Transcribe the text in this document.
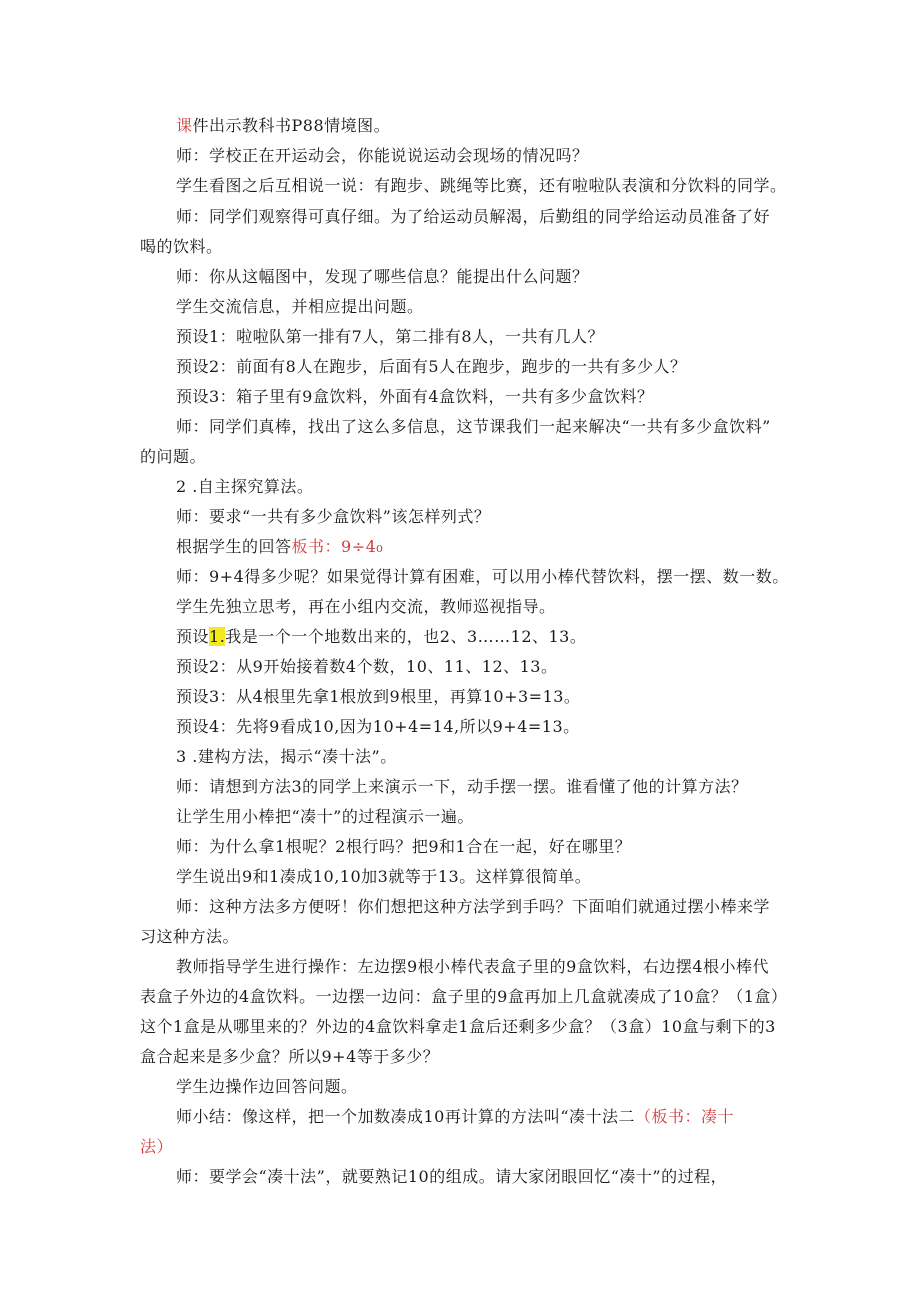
课件出示教科书P88情境图。
师：学校正在开运动会，你能说说运动会现场的情况吗？
学生看图之后互相说一说：有跑步、跳绳等比赛，还有啦啦队表演和分饮料的同学。
师：同学们观察得可真仔细。为了给运动员解渴，后勤组的同学给运动员准备了好
喝的饮料。
师：你从这幅图中，发现了哪些信息？能提出什么问题？
学生交流信息，并相应提出问题。
预设1：啦啦队第一排有7人，第二排有8人，一共有几人？
预设2：前面有8人在跑步，后面有5人在跑步，跑步的一共有多少人？
预设3：箱子里有9盒饮料，外面有4盒饮料，一共有多少盒饮料？
师：同学们真棒，找出了这么多信息，这节课我们一起来解决“一共有多少盒饮料”
的问题。
2 .自主探究算法。
师：要求“一共有多少盒饮料”该怎样列式？
根据学生的回答板书：9÷4₀
师：9+4得多少呢？如果觉得计算有困难，可以用小棒代替饮料，摆一摆、数一数。
学生先独立思考，再在小组内交流，教师巡视指导。
预设1.我是一个一个地数出来的，也2、3……12、13。
预设2：从9开始接着数4个数，10、11、12、13。
预设3：从4根里先拿1根放到9根里，再算10+3=13。
预设4：先将9看成10,因为10+4=14,所以9+4=13。
3 .建构方法，揭示“凑十法”。
师：请想到方法3的同学上来演示一下，动手摆一摆。谁看懂了他的计算方法？
让学生用小棒把“凑十”的过程演示一遍。
师：为什么拿1根呢？2根行吗？把9和1合在一起，好在哪里？
学生说出9和1凑成10,10加3就等于13。这样算很简单。
师：这种方法多方便呀！你们想把这种方法学到手吗？下面咱们就通过摆小棒来学
习这种方法。
教师指导学生进行操作：左边摆9根小棒代表盒子里的9盒饮料，右边摆4根小棒代
表盒子外边的4盒饮料。一边摆一边问：盒子里的9盒再加上几盒就凑成了10盒？（1盒）
这个1盒是从哪里来的？外边的4盒饮料拿走1盒后还剩多少盒？（3盒）10盒与剩下的3
盒合起来是多少盒？所以9+4等于多少？
学生边操作边回答问题。
师小结：像这样，把一个加数凑成10再计算的方法叫“凑十法二（板书：凑十
法）
师：要学会“凑十法”，就要熟记10的组成。请大家闭眼回忆“凑十”的过程，
